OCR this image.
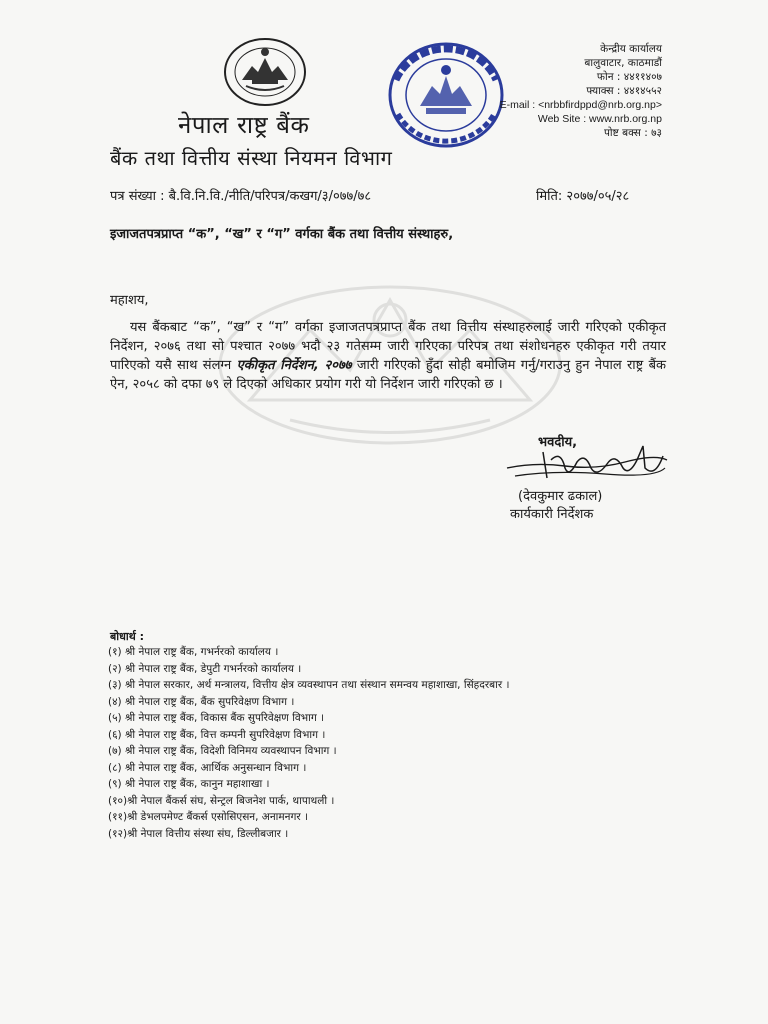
नेपाल राष्ट्र बैंक
बैंक तथा वित्तीय संस्था नियमन विभाग
केन्द्रीय कार्यालय
बालुवाटार, काठमाडौं
फोन : ४४११४०७
फ्याक्स : ४४१४५५२
E-mail : <nrbbfirdppd@nrb.org.np>
Web Site : www.nrb.org.np
पोष्ट बक्स : ७३
पत्र संख्या : बै.वि.नि.वि./नीति/परिपत्र/कखग/३/०७७/७८	मिति: २०७७/०५/२८
इजाजतपत्रप्राप्त “क”, “ख” र “ग” वर्गका बैंक तथा वित्तीय संस्थाहरु,
महाशय,
यस बैंकबाट “क”, “ख” र “ग” वर्गका इजाजतपत्रप्राप्त बैंक तथा वित्तीय संस्थाहरुलाई जारी गरिएको एकीकृत निर्देशन, २०७६ तथा सो पश्चात २०७७ भदौ २३ गतेसम्म जारी गरिएका परिपत्र तथा संशोधनहरु एकीकृत गरी तयार पारिएको यसै साथ संलग्न एकीकृत निर्देशन, २०७७ जारी गरिएको हुँदा सोही बमोजिम गर्नु/गराउनु हुन नेपाल राष्ट्र बैंक ऐन, २०५८ को दफा ७९ ले दिएको अधिकार प्रयोग गरी यो निर्देशन जारी गरिएको छ ।
भवदीय,
(देवकुमार ढकाल)
कार्यकारी निर्देशक
बोधार्थ :
(१) श्री नेपाल राष्ट्र बैंक, गभर्नरको कार्यालय ।
(२) श्री नेपाल राष्ट्र बैंक, डेपुटी गभर्नरको कार्यालय ।
(३) श्री नेपाल सरकार, अर्थ मन्त्रालय, वित्तीय क्षेत्र व्यवस्थापन तथा संस्थान समन्वय महाशाखा, सिंहदरबार ।
(४) श्री नेपाल राष्ट्र बैंक, बैंक सुपरिवेक्षण विभाग ।
(५) श्री नेपाल राष्ट्र बैंक, विकास बैंक सुपरिवेक्षण विभाग ।
(६) श्री नेपाल राष्ट्र बैंक, वित्त कम्पनी सुपरिवेक्षण विभाग ।
(७) श्री नेपाल राष्ट्र बैंक, विदेशी विनिमय व्यवस्थापन विभाग ।
(८) श्री नेपाल राष्ट्र बैंक, आर्थिक अनुसन्धान विभाग ।
(९) श्री नेपाल राष्ट्र बैंक, कानुन महाशाखा ।
(१०)श्री नेपाल बैंकर्स संघ, सेन्ट्रल बिजनेश पार्क, थापाथली ।
(११)श्री डेभलपमेण्ट बैंकर्स एसोसिएसन, अनामनगर ।
(१२)श्री नेपाल वित्तीय संस्था संघ, डिल्लीबजार ।
